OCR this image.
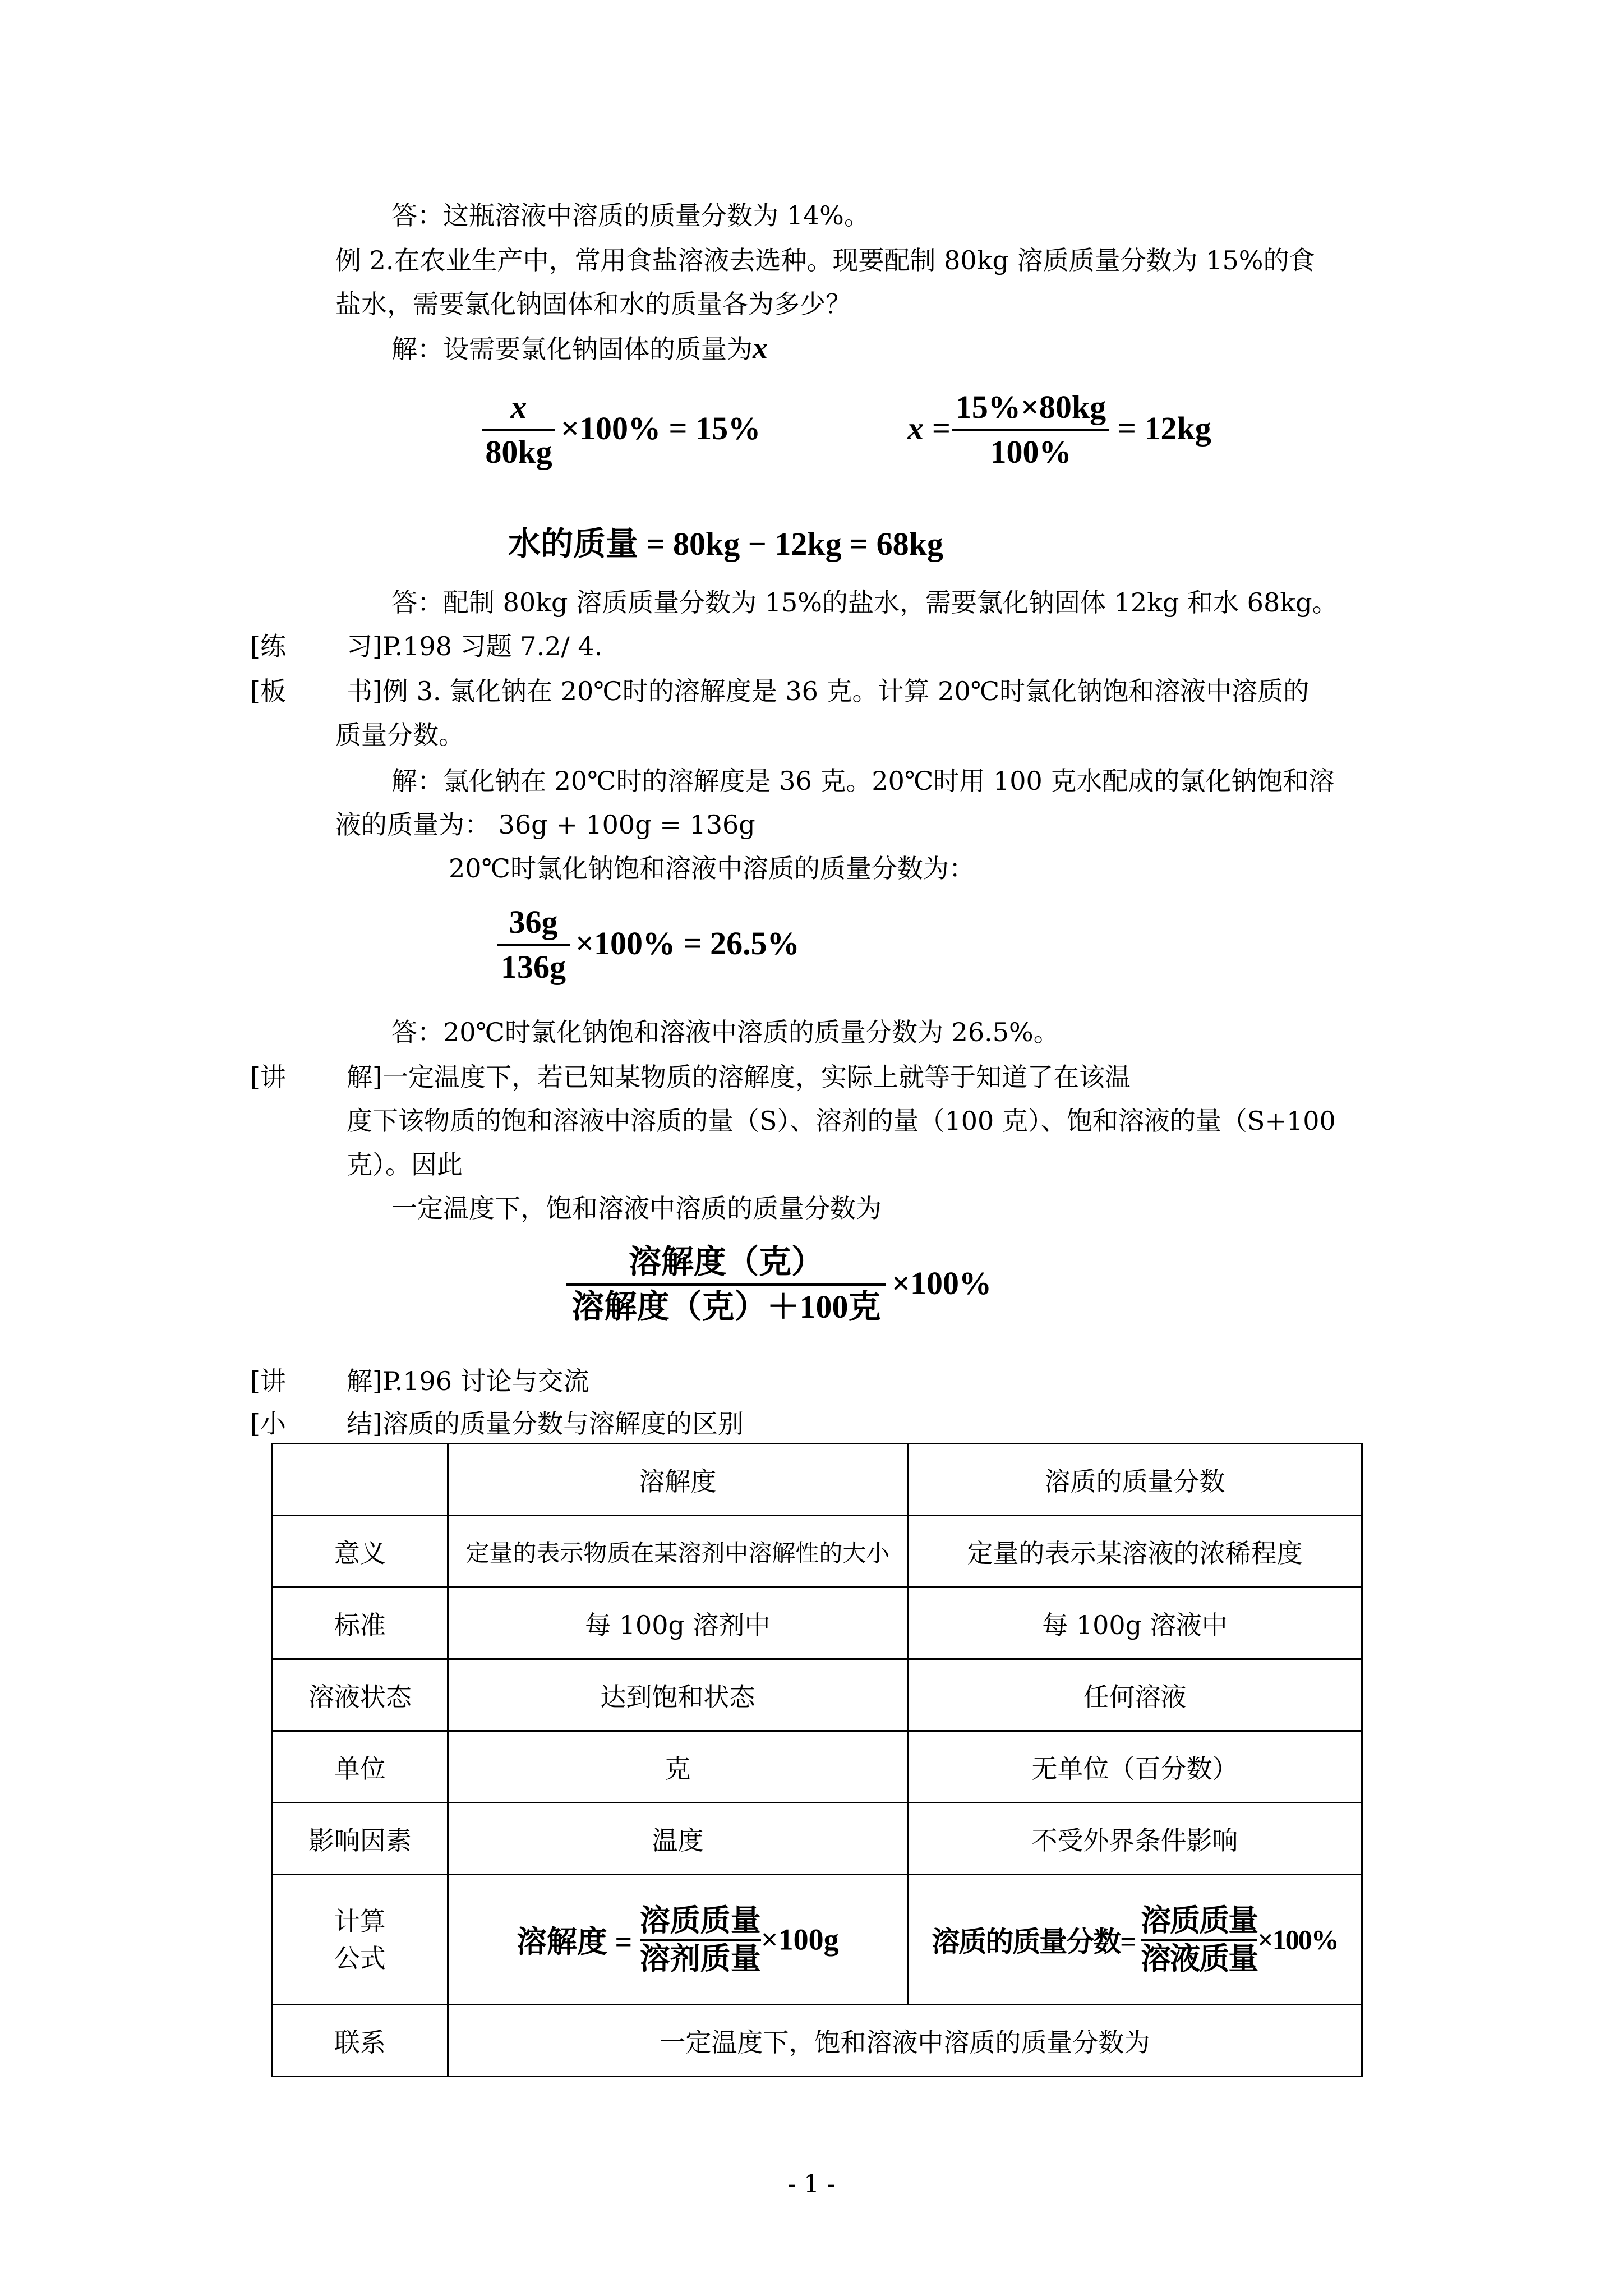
答：这瓶溶液中溶质的质量分数为 14%。
例 2.在农业生产中，常用食盐溶液去选种。现要配制 80kg 溶质质量分数为 15%的食
盐水，需要氯化钠固体和水的质量各为多少？
解：设需要氯化钠固体的质量为x
x
80kg
×100% = 15%	x =
15%×80kg
100%
= 12kg
水的质量 = 80kg − 12kg = 68kg
答：配制 80kg 溶质质量分数为 15%的盐水，需要氯化钠固体 12kg 和水 68kg。
[练 习]P.198 习题 7.2/ 4.
[板 书]例 3. 氯化钠在 20℃时的溶解度是 36 克。计算 20℃时氯化钠饱和溶液中溶质的
质量分数。
解：氯化钠在 20℃时的溶解度是 36 克。20℃时用 100 克水配成的氯化钠饱和溶
液的质量为： 36g + 100g = 136g
20℃时氯化钠饱和溶液中溶质的质量分数为：
36g
136g
×100% = 26.5%
答：20℃时氯化钠饱和溶液中溶质的质量分数为 26.5%。
[讲 解]一定温度下，若已知某物质的溶解度，实际上就等于知道了在该温
度下该物质的饱和溶液中溶质的量（S）、溶剂的量（100 克）、饱和溶液的量（S+100
克）。因此
一定温度下，饱和溶液中溶质的质量分数为
溶解度（克）
溶解度（克）＋100克
×100%
[讲 解]P.196 讨论与交流
[小 结]溶质的质量分数与溶解度的区别
	溶解度	溶质的质量分数
意义	定量的表示物质在某溶剂中溶解性的大小	定量的表示某溶液的浓稀程度
标准	每 100g 溶剂中	每 100g 溶液中
溶液状态	达到饱和状态	任何溶液
单位	克	无单位（百分数）
影响因素	温度	不受外界条件影响
计算
公式	溶解度 = $\frac{\text{溶质质量}}{\text{溶剂质量}} \times 100g$	溶质的质量分数= $\frac{\text{溶质质量}}{\text{溶液质量}} \times 100\%$
联系	一定温度下，饱和溶液中溶质的质量分数为	
- 1 -
